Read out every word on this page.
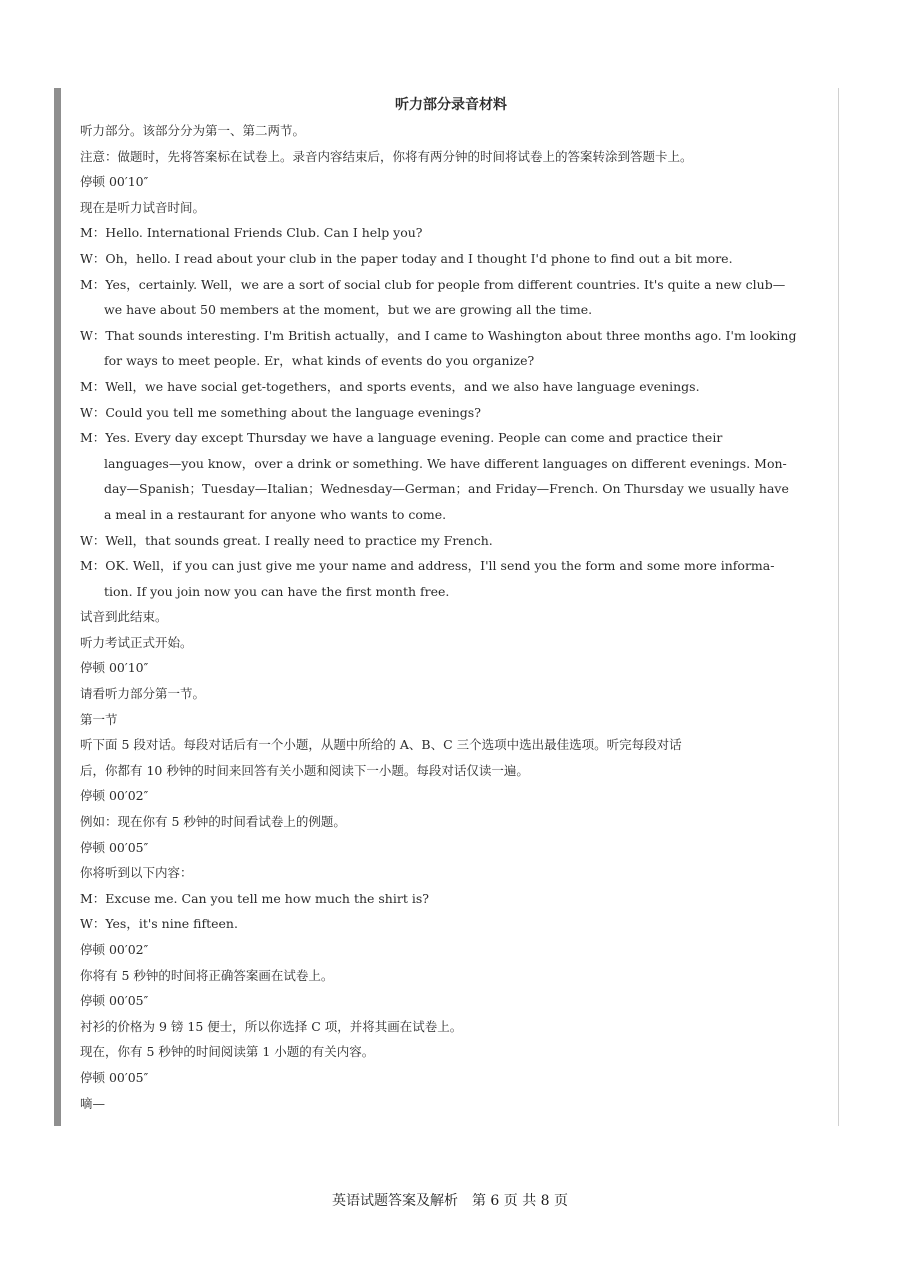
听力部分录音材料
听力部分。该部分分为第一、第二两节。
注意：做题时，先将答案标在试卷上。录音内容结束后，你将有两分钟的时间将试卷上的答案转涂到答题卡上。
停顿 00′10″
现在是听力试音时间。
M：Hello. International Friends Club. Can I help you?
W：Oh，hello. I read about your club in the paper today and I thought I'd phone to find out a bit more.
M：Yes，certainly. Well，we are a sort of social club for people from different countries. It's quite a new club—
we have about 50 members at the moment，but we are growing all the time.
W：That sounds interesting. I'm British actually，and I came to Washington about three months ago. I'm looking
for ways to meet people. Er，what kinds of events do you organize?
M：Well，we have social get-togethers，and sports events，and we also have language evenings.
W：Could you tell me something about the language evenings?
M：Yes. Every day except Thursday we have a language evening. People can come and practice their
languages—you know，over a drink or something. We have different languages on different evenings. Mon-
day—Spanish；Tuesday—Italian；Wednesday—German；and Friday—French. On Thursday we usually have
a meal in a restaurant for anyone who wants to come.
W：Well，that sounds great. I really need to practice my French.
M：OK. Well，if you can just give me your name and address，I'll send you the form and some more informa-
tion. If you join now you can have the first month free.
试音到此结束。
听力考试正式开始。
停顿 00′10″
请看听力部分第一节。
第一节
听下面 5 段对话。每段对话后有一个小题，从题中所给的 A、B、C 三个选项中选出最佳选项。听完每段对话
后，你都有 10 秒钟的时间来回答有关小题和阅读下一小题。每段对话仅读一遍。
停顿 00′02″
例如：现在你有 5 秒钟的时间看试卷上的例题。
停顿 00′05″
你将听到以下内容：
M：Excuse me. Can you tell me how much the shirt is?
W：Yes，it's nine fifteen.
停顿 00′02″
你将有 5 秒钟的时间将正确答案画在试卷上。
停顿 00′05″
衬衫的价格为 9 镑 15 便士，所以你选择 C 项，并将其画在试卷上。
现在，你有 5 秒钟的时间阅读第 1 小题的有关内容。
停顿 00′05″
嘀—
英语试题答案及解析　第 6 页 共 8 页
